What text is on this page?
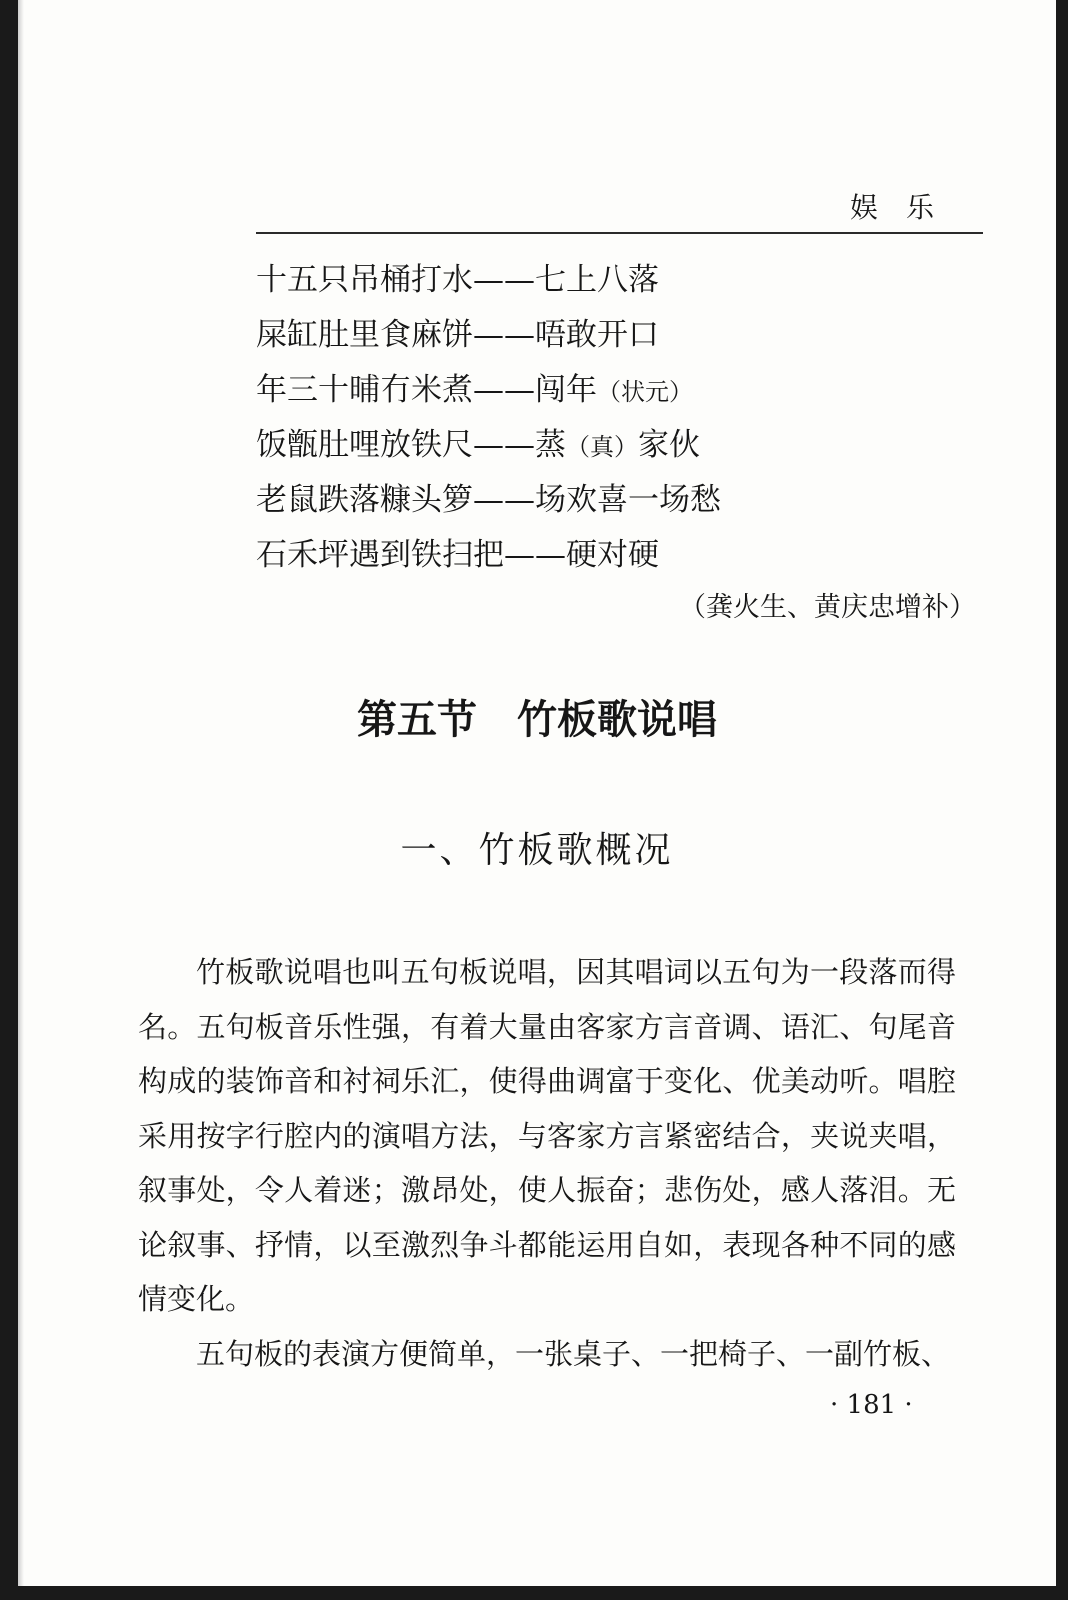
娱乐
十五只吊桶打水——七上八落
屎缸肚里食麻饼——唔敢开口
年三十晡冇米煮——闯年（状元）
饭甑肚哩放铁尺——蒸（真）家伙
老鼠跌落糠头箩——场欢喜一场愁
石禾坪遇到铁扫把——硬对硬
（龚火生、黄庆忠增补）
第五节　竹板歌说唱
一、竹板歌概况

竹板歌说唱也叫五句板说唱，因其唱词以五句为一段落而得名。五句板音乐性强，有着大量由客家方言音调、语汇、句尾音构成的装饰音和衬祠乐汇，使得曲调富于变化、优美动听。唱腔采用按字行腔内的演唱方法，与客家方言紧密结合，夹说夹唱，叙事处，令人着迷；激昂处，使人振奋；悲伤处，感人落泪。无论叙事、抒情，以至激烈争斗都能运用自如，表现各种不同的感情变化。

五句板的表演方便简单，一张桌子、一把椅子、一副竹板、

· 181 ·
